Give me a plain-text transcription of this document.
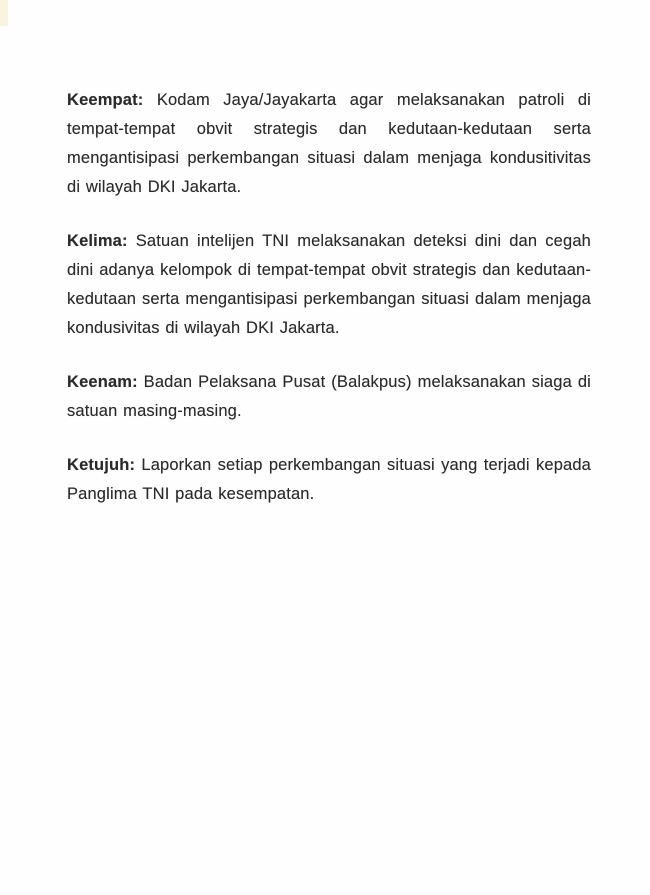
Keempat: Kodam Jaya/Jayakarta agar melaksanakan patroli di tempat-tempat obvit strategis dan kedutaan-kedutaan serta mengantisipasi perkembangan situasi dalam menjaga kondusitivitas di wilayah DKI Jakarta.

Kelima: Satuan intelijen TNI melaksanakan deteksi dini dan cegah dini adanya kelompok di tempat-tempat obvit strategis dan kedutaan-kedutaan serta mengantisipasi perkembangan situasi dalam menjaga kondusivitas di wilayah DKI Jakarta.

Keenam: Badan Pelaksana Pusat (Balakpus) melaksanakan siaga di satuan masing-masing.

Ketujuh: Laporkan setiap perkembangan situasi yang terjadi kepada Panglima TNI pada kesempatan.
